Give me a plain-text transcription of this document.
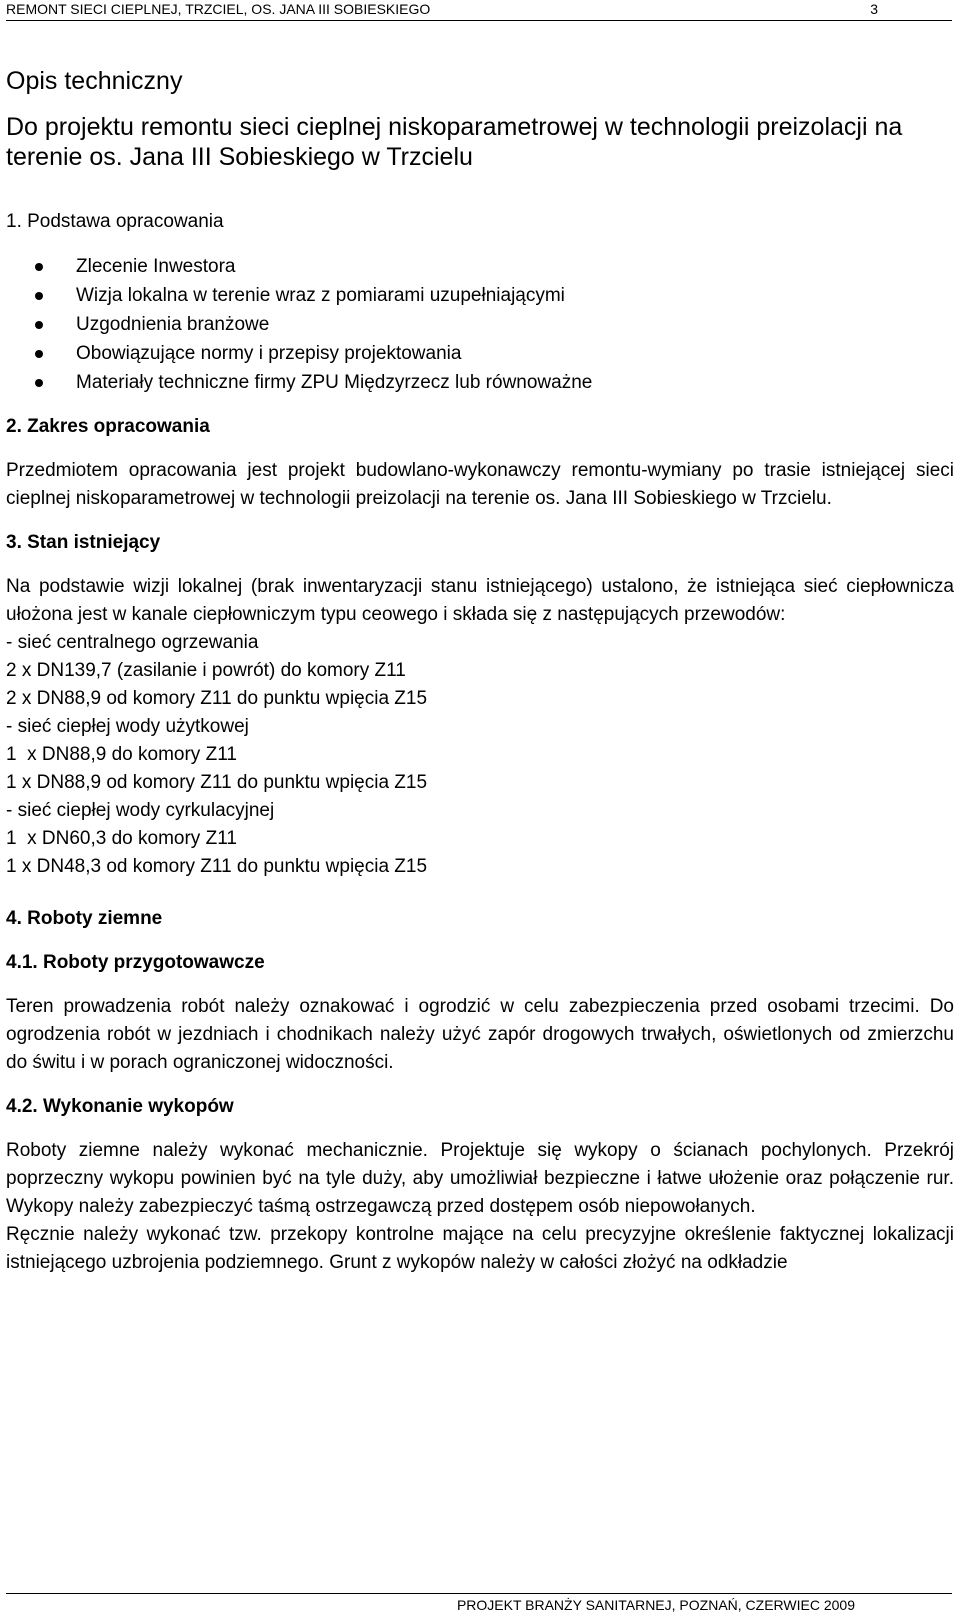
REMONT SIECI CIEPLNEJ, TRZCIEL, OS. JANA III SOBIESKIEGO	3
Opis techniczny
Do projektu remontu sieci cieplnej niskoparametrowej w technologii preizolacji na terenie os. Jana III Sobieskiego w Trzcielu
1. Podstawa opracowania
Zlecenie Inwestora
Wizja lokalna w terenie wraz z pomiarami uzupełniającymi
Uzgodnienia branżowe
Obowiązujące normy i przepisy projektowania
Materiały techniczne firmy ZPU Międzyrzecz lub równoważne
2. Zakres opracowania

Przedmiotem opracowania jest projekt budowlano-wykonawczy remontu-wymiany po trasie istniejącej sieci cieplnej niskoparametrowej w technologii preizolacji na terenie os. Jana III Sobieskiego w Trzcielu.

3. Stan istniejący

Na podstawie wizji lokalnej (brak inwentaryzacji stanu istniejącego) ustalono, że istniejąca sieć ciepłownicza ułożona jest w kanale ciepłowniczym typu ceowego i składa się z następujących przewodów:

- sieć centralnego ogrzewania
2 x DN139,7 (zasilanie i powrót) do komory Z11
2 x DN88,9 od komory Z11 do punktu wpięcia Z15
- sieć ciepłej wody użytkowej
1  x DN88,9 do komory Z11
1 x DN88,9 od komory Z11 do punktu wpięcia Z15
- sieć ciepłej wody cyrkulacyjnej
1  x DN60,3 do komory Z11
1 x DN48,3 od komory Z11 do punktu wpięcia Z15
4. Roboty ziemne
4.1. Roboty przygotowawcze

Teren prowadzenia robót należy oznakować i ogrodzić w celu zabezpieczenia przed osobami trzecimi. Do ogrodzenia robót w jezdniach i chodnikach należy użyć zapór drogowych trwałych, oświetlonych od zmierzchu do świtu i w porach ograniczonej widoczności.

4.2. Wykonanie wykopów

Roboty ziemne należy wykonać mechanicznie. Projektuje się wykopy o ścianach pochylonych. Przekrój poprzeczny wykopu powinien być na tyle duży, aby umożliwiał bezpieczne i łatwe ułożenie oraz połączenie rur. Wykopy należy zabezpieczyć taśmą ostrzegawczą przed dostępem osób niepowołanych.

Ręcznie należy wykonać tzw. przekopy kontrolne mające na celu precyzyjne określenie faktycznej lokalizacji istniejącego uzbrojenia podziemnego. Grunt z wykopów należy w całości złożyć na odkładzie

PROJEKT BRANŻY SANITARNEJ, POZNAŃ, CZERWIEC 2009
